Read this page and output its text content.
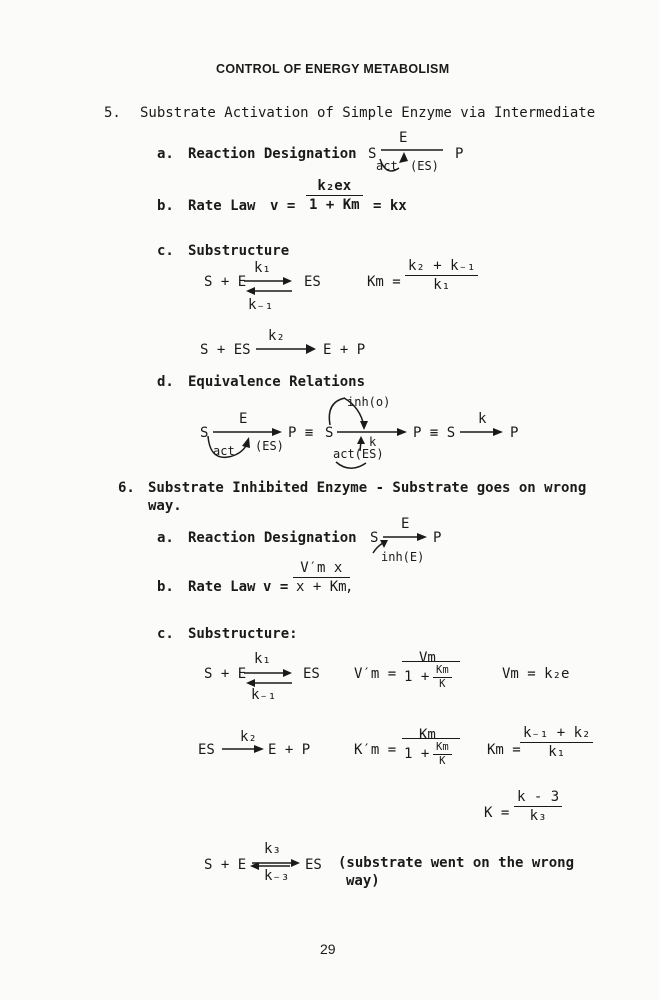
CONTROL OF ENERGY METABOLISM
5. Substrate Activation of Simple Enzyme via Intermediate
a. Reaction Designation S
E
P
act (ES)
b. Rate Law v =
k₂ex
1 + Km = kx
c. Substructure
S + E
k₁
k₋₁
ES	Km =
k₂ + k₋₁
k₁
S + ES
k₂
E + P
d. Equivalence Relations
S
E
P ≡
act (ES)
inh(o)
S
k
act(ES)
P ≡ S
k
P
6. Substrate Inhibited Enzyme - Substrate goes on wrong
way.
a. Reaction Designation S
E
P
inh(E)
b. Rate Law v =
V′m x
x + Km
,
c. Substructure:
S + E
k₁
k₋₁
ES V′m =
Vm
1 + Km
K
Vm = k₂e
ES
k₂
E + P	K′m =
Km
1 + Km
K
Km =
k₋₁ + k₂
k₁
K =
k - 3
k₃
S + E
k₃
k₋₃
ES (substrate went on the wrong
way)
29
